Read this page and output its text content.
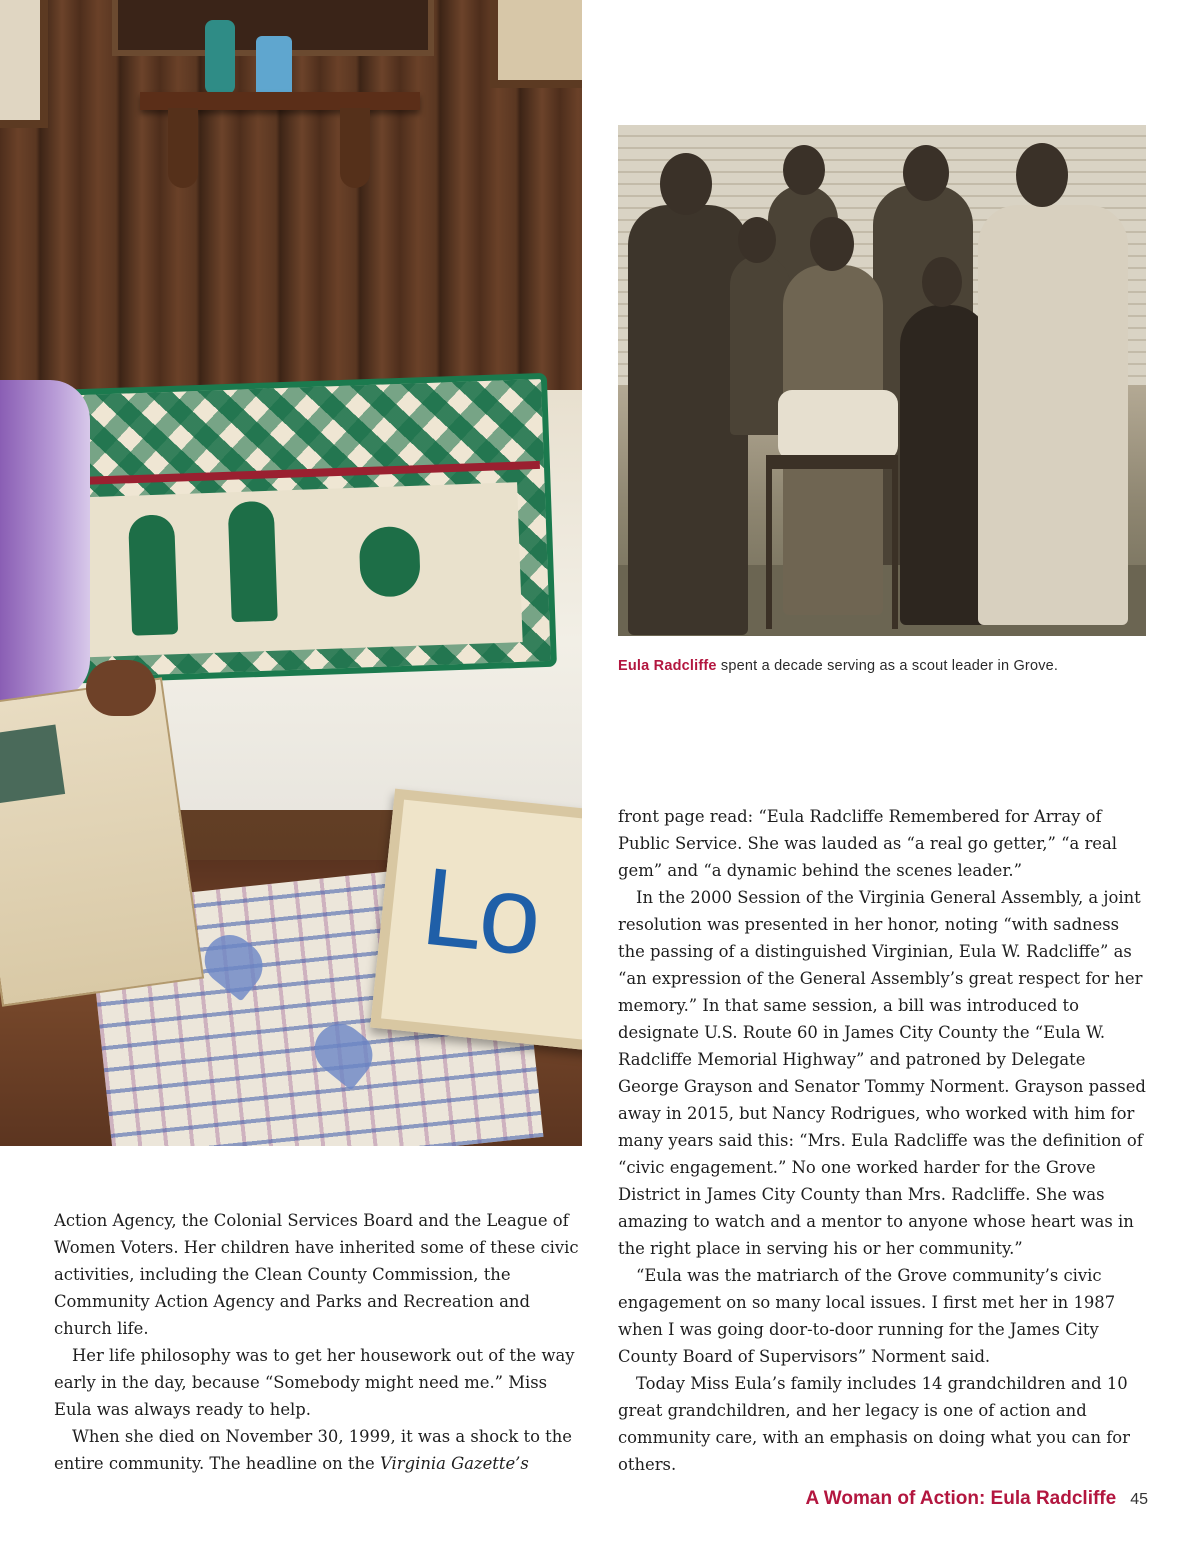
Lo
Eula Radcliffe spent a decade serving as a scout leader in Grove.

Action Agency, the Colonial Services Board and the League of Women Voters. Her children have inherited some of these civic activities, including the Clean County Commission, the Community Action Agency and Parks and Recreation and church life.

Her life philosophy was to get her housework out of the way early in the day, because “Somebody might need me.” Miss Eula was always ready to help.

When she died on November 30, 1999, it was a shock to the entire community. The headline on the Virginia Gazette’s

front page read: “Eula Radcliffe Remembered for Array of Public Service. She was lauded as “a real go getter,” “a real gem” and “a dynamic behind the scenes leader.”

In the 2000 Session of the Virginia General Assembly, a joint resolution was presented in her honor, noting “with sadness the passing of a distinguished Virginian, Eula W. Radcliffe” as “an expression of the General Assembly’s great respect for her memory.” In that same session, a bill was introduced to designate U.S. Route 60 in James City County the “Eula W. Radcliffe Memorial Highway” and patroned by Delegate George Grayson and Senator Tommy Norment. Grayson passed away in 2015, but Nancy Rodrigues, who worked with him for many years said this: “Mrs. Eula Radcliffe was the definition of “civic engagement.” No one worked harder for the Grove District in James City County than Mrs. Radcliffe. She was amazing to watch and a mentor to anyone whose heart was in the right place in serving his or her community.”

“Eula was the matriarch of the Grove community’s civic engagement on so many local issues. I first met her in 1987 when I was going door-to-door running for the James City County Board of Supervisors” Norment said.

Today Miss Eula’s family includes 14 grandchildren and 10 great grandchildren, and her legacy is one of action and community care, with an emphasis on doing what you can for others.

A Woman of Action: Eula Radcliffe 45
